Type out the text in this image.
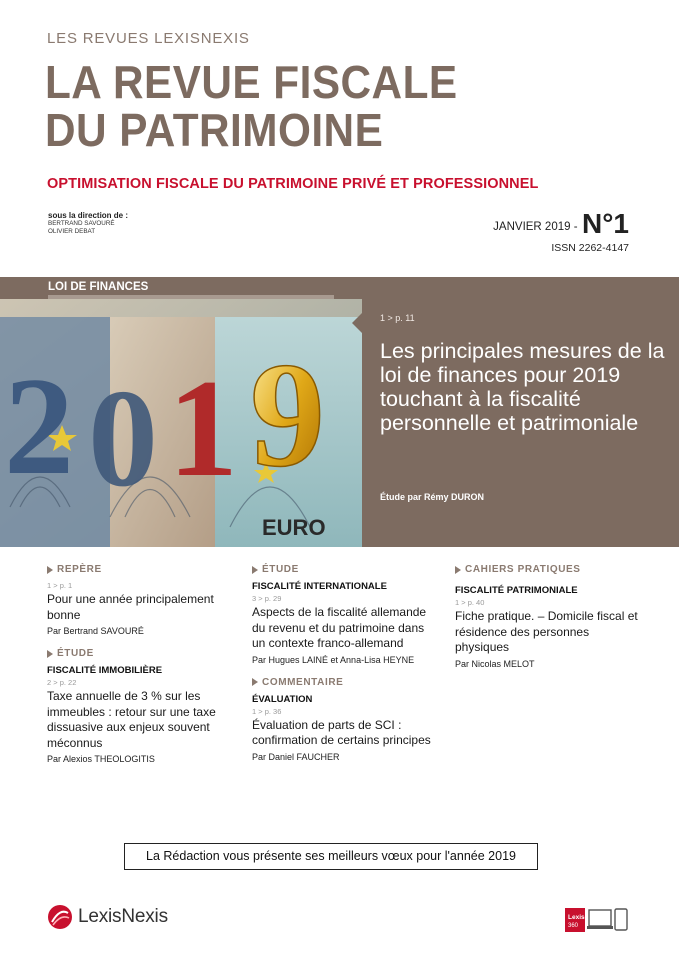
LES REVUES LEXISNEXIS
LA REVUE FISCALE
DU PATRIMOINE
OPTIMISATION FISCALE DU PATRIMOINE PRIVÉ ET PROFESSIONNEL
sous la direction de :
BERTRAND SAVOURÉ
OLIVIER DEBAT	JANVIER 2019 - N°1
ISSN 2262-4147
2 0 1 9
EURO
LOI DE FINANCES
1 > p. 11
Les principales mesures de la loi de finances pour 2019 touchant à la fiscalité personnelle et patrimoniale
Étude par Rémy DURON
REPÈRE
1 > p. 1
Pour une année principalement bonne
Par Bertrand SAVOURÉ
ÉTUDE
FISCALITÉ IMMOBILIÈRE
2 > p. 22
Taxe annuelle de 3 % sur les immeubles : retour sur une taxe dissuasive aux enjeux souvent méconnus
Par Alexios THEOLOGITIS
ÉTUDE
FISCALITÉ INTERNATIONALE
3 > p. 29
Aspects de la fiscalité allemande du revenu et du patrimoine dans un contexte franco-allemand
Par Hugues LAINÉ et Anna-Lisa HEYNE
COMMENTAIRE
ÉVALUATION
1 > p. 36
Évaluation de parts de SCI : confirmation de certains principes
Par Daniel FAUCHER
CAHIERS PRATIQUES
FISCALITÉ PATRIMONIALE
1 > p. 40
Fiche pratique. – Domicile fiscal et résidence des personnes physiques
Par Nicolas MELOT
La Rédaction vous présente ses meilleurs vœux pour l'année 2019
LexisNexis	Lexis
360
